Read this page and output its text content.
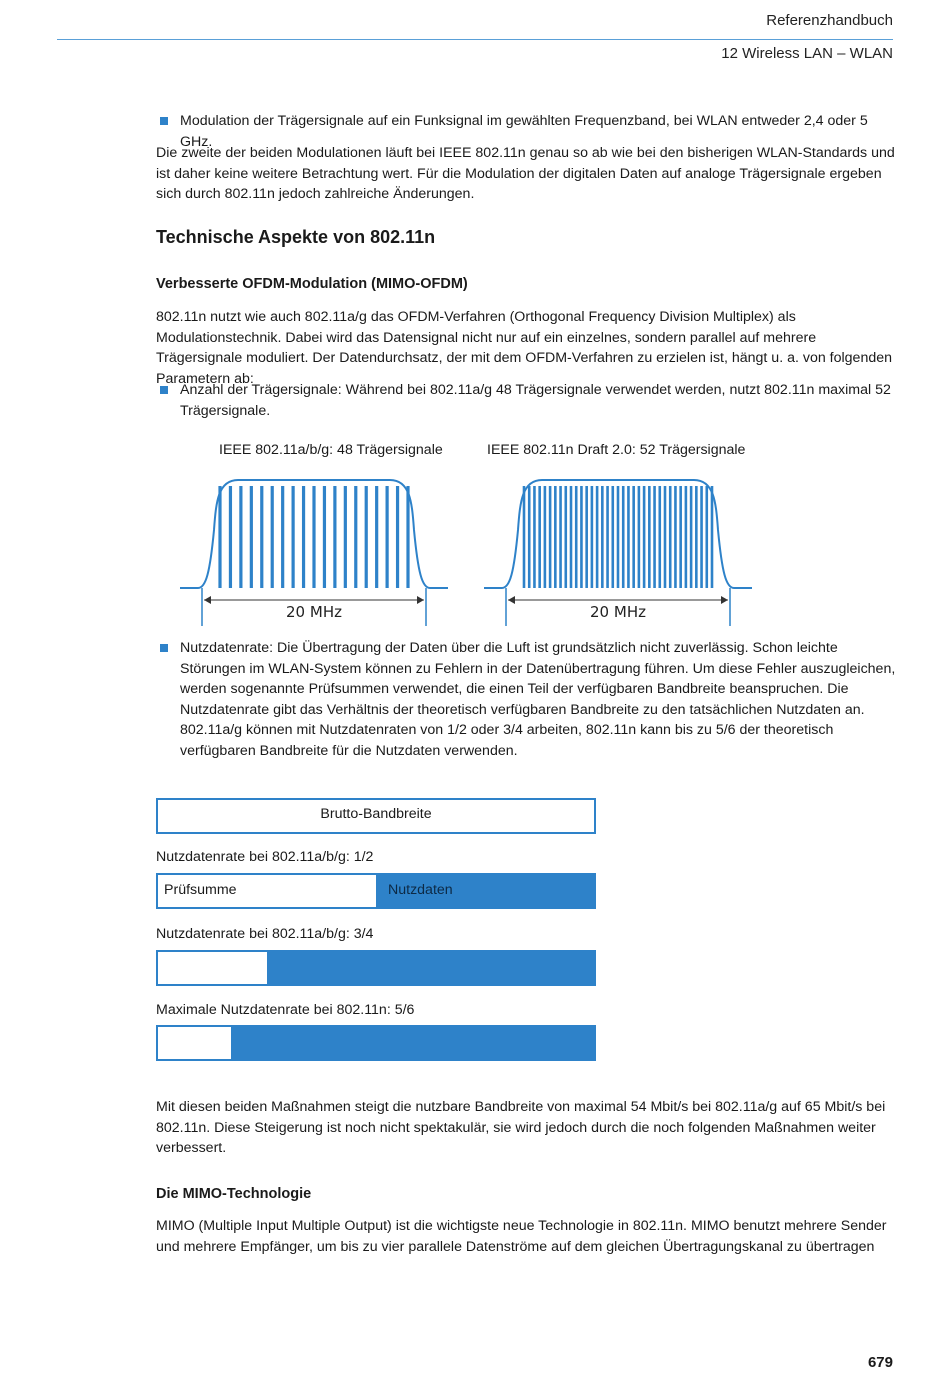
Referenzhandbuch
12 Wireless LAN – WLAN

Modulation der Trägersignale auf ein Funksignal im gewählten Frequenzband, bei WLAN entweder 2,4 oder 5 GHz.

Die zweite der beiden Modulationen läuft bei IEEE 802.11n genau so ab wie bei den bisherigen WLAN-Standards und ist daher keine weitere Betrachtung wert. Für die Modulation der digitalen Daten auf analoge Trägersignale ergeben sich durch 802.11n jedoch zahlreiche Änderungen.

Technische Aspekte von 802.11n
Verbesserte OFDM-Modulation (MIMO-OFDM)

802.11n nutzt wie auch 802.11a/g das OFDM-Verfahren (Orthogonal Frequency Division Multiplex) als Modulationstechnik. Dabei wird das Datensignal nicht nur auf ein einzelnes, sondern parallel auf mehrere Trägersignale moduliert. Der Datendurchsatz, der mit dem OFDM-Verfahren zu erzielen ist, hängt u. a. von folgenden Parametern ab:

Anzahl der Trägersignale: Während bei 802.11a/g 48 Trägersignale verwendet werden, nutzt 802.11n maximal 52 Trägersignale.

IEEE 802.11a/b/g: 48 Trägersignale	IEEE 802.11n Draft 2.0: 52 Trägersignale
20 MHz	20 MHz

Nutzdatenrate: Die Übertragung der Daten über die Luft ist grundsätzlich nicht zuverlässig. Schon leichte Störungen im WLAN-System können zu Fehlern in der Datenübertragung führen. Um diese Fehler auszugleichen, werden sogenannte Prüfsummen verwendet, die einen Teil der verfügbaren Bandbreite beanspruchen. Die Nutzdatenrate gibt das Verhältnis der theoretisch verfügbaren Bandbreite zu den tatsächlichen Nutzdaten an. 802.11a/g können mit Nutzdatenraten von 1/2 oder 3/4 arbeiten, 802.11n kann bis zu 5/6 der theoretisch verfügbaren Bandbreite für die Nutzdaten verwenden.

Brutto-Bandbreite
Nutzdatenrate bei 802.11a/b/g: 1/2
Prüfsumme	Nutzdaten
Nutzdatenrate bei 802.11a/b/g: 3/4
Maximale Nutzdatenrate bei 802.11n: 5/6

Mit diesen beiden Maßnahmen steigt die nutzbare Bandbreite von maximal 54 Mbit/s bei 802.11a/g auf 65 Mbit/s bei 802.11n. Diese Steigerung ist noch nicht spektakulär, sie wird jedoch durch die noch folgenden Maßnahmen weiter verbessert.

Die MIMO-Technologie

MIMO (Multiple Input Multiple Output) ist die wichtigste neue Technologie in 802.11n. MIMO benutzt mehrere Sender und mehrere Empfänger, um bis zu vier parallele Datenströme auf dem gleichen Übertragungskanal zu übertragen

679
